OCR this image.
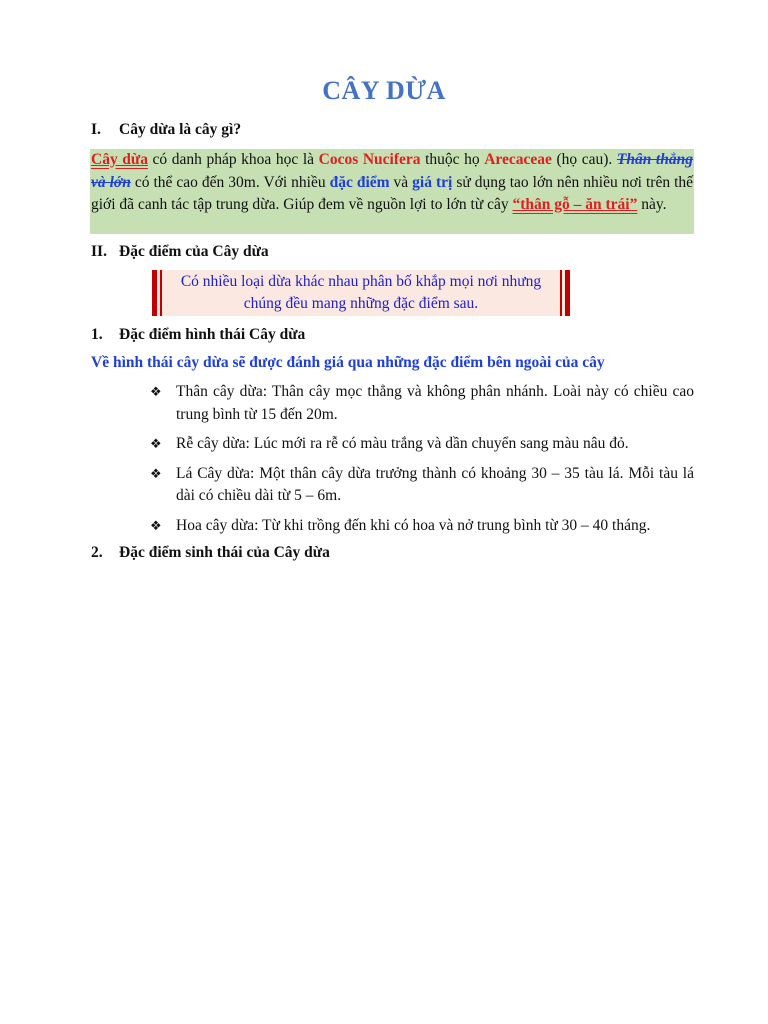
CÂY DỪA
I. Cây dừa là cây gì?
Cây dừa có danh pháp khoa học là Cocos Nucifera thuộc họ Arecaceae (họ cau). Thân thẳng và lớn có thể cao đến 30m. Với nhiều đặc điểm và giá trị sử dụng tao lớn nên nhiều nơi trên thế giới đã canh tác tập trung dừa. Giúp đem về nguồn lợi to lớn từ cây “thân gỗ – ăn trái” này.
II. Đặc điểm của Cây dừa
Có nhiều loại dừa khác nhau phân bố khắp mọi nơi nhưng
chúng đều mang những đặc điểm sau.
1. Đặc điểm hình thái Cây dừa
Về hình thái cây dừa sẽ được đánh giá qua những đặc điểm bên ngoài của cây
❖ Thân cây dừa: Thân cây mọc thẳng và không phân nhánh. Loài này có chiều cao trung bình từ 15 đến 20m.
❖ Rễ cây dừa: Lúc mới ra rễ có màu trắng và dần chuyển sang màu nâu đỏ.
❖ Lá Cây dừa: Một thân cây dừa trưởng thành có khoảng 30 – 35 tàu lá. Mỗi tàu lá dài có chiều dài từ 5 – 6m.
❖ Hoa cây dừa: Từ khi trồng đến khi có hoa và nở trung bình từ 30 – 40 tháng.
2. Đặc điểm sinh thái của Cây dừa
